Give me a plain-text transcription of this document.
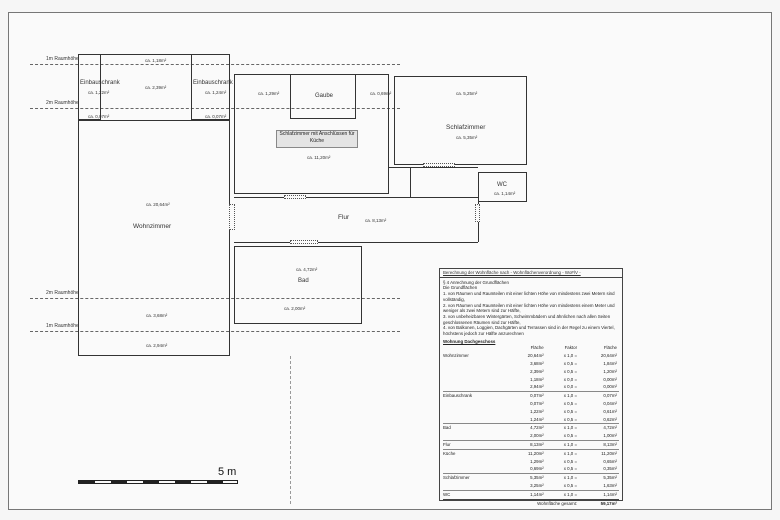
1m Raumhöhe
2m Raumhöhe
2m Raumhöhe
1m Raumhöhe
Einbauschrank
ca. 1,22m²
ca. 0,07m²
Einbauschrank
ca. 1,24m²
ca. 0,07m²
ca. 1,18m²
ca. 2,39m²
ca. 20,64m²
Wohnzimmer
ca. 3,68m²
ca. 2,94m²
Gaube
ca. 1,29m²	ca. 0,69m²
Schlafzimmer mit Anschlüssen für Küche
ca. 11,20m²
ca. 5,25m²
Schlafzimmer
ca. 5,35m²
WC
ca. 1,14m²
Flur	ca. 8,13m²
ca. 4,72m²
Bad
ca. 2,00m²
5 m
Berechnung der Wohnfläche nach - Wohnflächenverordnung - WoFlV -
§ 4 Anrechnung der Grundflächen
Die Grundflächen
1. von Räumen und Raumteilen mit einer lichten Höhe von mindestens zwei Metern sind vollständig,
2. von Räumen und Raumteilen mit einer lichten Höhe von mindestens einem Meter und weniger als zwei Metern sind zur Hälfte,
3. von unbeheizbaren Wintergärten, Schwimmbädern und ähnlichen nach allen Seiten geschlossenen Räumen sind zur Hälfte,
4. von Balkonen, Loggien, Dachgärten und Terrassen sind in der Regel zu einem Viertel, höchstens jedoch zur Hälfte anzurechnen
Wohnung Dachgeschoss
	Fläche	Faktor	Fläche
Wohnzimmer	20,64m²	x 1,0 =	20,64m²
	3,68m²	x 0,5 =	1,84m²
	2,39m²	x 0,5 =	1,20m²
	1,18m²	x 0,0 =	0,00m²
	2,94m²	x 0,0 =	0,00m²
Einbauschrank	0,07m²	x 1,0 =	0,07m²
	0,07m²	x 0,5 =	0,04m²
	1,22m²	x 0,5 =	0,61m²
	1,24m²	x 0,5 =	0,62m²
Bad	4,72m²	x 1,0 =	4,72m²
	2,00m²	x 0,5 =	1,00m²
Flur	8,13m²	x 1,0 =	8,13m²
Küche	11,20m²	x 1,0 =	11,20m²
	1,29m²	x 0,5 =	0,65m²
	0,69m²	x 0,5 =	0,35m²
Schlafzimmer	5,35m²	x 1,0 =	5,35m²
	3,25m²	x 0,5 =	1,63m²
WC	1,14m²	x 1,0 =	1,14m²
Wohnfläche gesamt:			59,17m²
